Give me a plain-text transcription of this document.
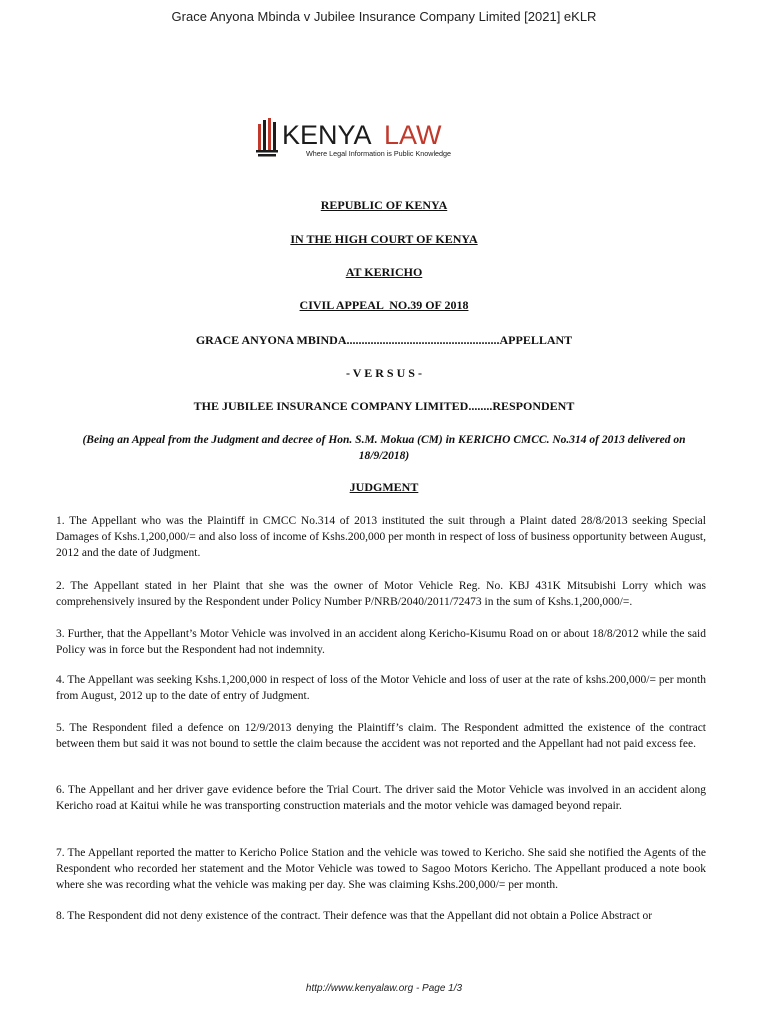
Grace Anyona Mbinda v Jubilee Insurance Company Limited [2021] eKLR
KENYA LAW
Where Legal Information is Public Knowledge
REPUBLIC OF KENYA
IN THE HIGH COURT OF KENYA
AT KERICHO
CIVIL APPEAL  NO.39 OF 2018
GRACE ANYONA MBINDA...................................................APPELLANT
- V E R S U S -
THE JUBILEE INSURANCE COMPANY LIMITED........RESPONDENT
(Being an Appeal from the Judgment and decree of Hon. S.M. Mokua (CM) in KERICHO CMCC. No.314 of 2013 delivered on 18/9/2018)
JUDGMENT

1. The Appellant who was the Plaintiff in CMCC No.314 of 2013 instituted the suit through a Plaint dated 28/8/2013 seeking Special Damages of Kshs.1,200,000/= and also loss of income of Kshs.200,000 per month in respect of loss of business opportunity between August, 2012 and the date of Judgment.

2. The Appellant stated in her Plaint that she was the owner of Motor Vehicle Reg. No. KBJ 431K Mitsubishi Lorry which was comprehensively insured by the Respondent under Policy Number P/NRB/2040/2011/72473 in the sum of Kshs.1,200,000/=.

3. Further, that the Appellant’s Motor Vehicle was involved in an accident along Kericho-Kisumu Road on or about 18/8/2012 while the said Policy was in force but the Respondent had not indemnity.

4. The Appellant was seeking Kshs.1,200,000 in respect of loss of the Motor Vehicle and loss of user at the rate of kshs.200,000/= per month from August, 2012 up to the date of entry of Judgment.

5. The Respondent filed a defence on 12/9/2013 denying the Plaintiff’s claim. The Respondent admitted the existence of the contract between them but said it was not bound to settle the claim because the accident was not reported and the Appellant had not paid excess fee.

6. The Appellant and her driver gave evidence before the Trial Court. The driver said the Motor Vehicle was involved in an accident along Kericho road at Kaitui while he was transporting construction materials and the motor vehicle was damaged beyond repair.

7. The Appellant reported the matter to Kericho Police Station and the vehicle was towed to Kericho. She said she notified the Agents of the Respondent who recorded her statement and the Motor Vehicle was towed to Sagoo Motors Kericho. The Appellant produced a note book where she was recording what the vehicle was making per day. She was claiming Kshs.200,000/= per month.

8. The Respondent did not deny existence of the contract. Their defence was that the Appellant did not obtain a Police Abstract or

http://www.kenyalaw.org - Page 1/3
